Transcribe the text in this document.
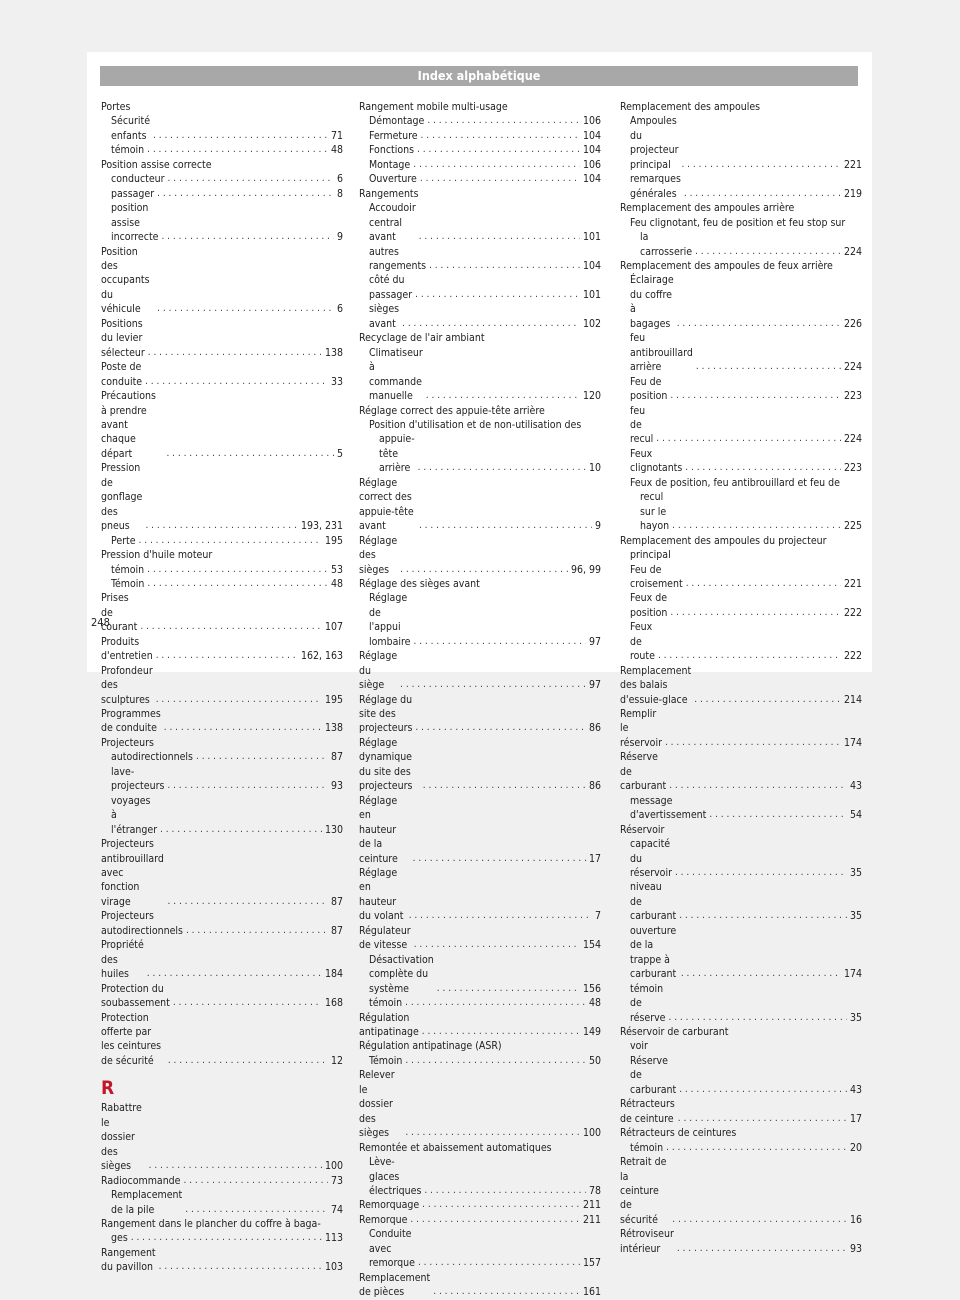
Index alphabétique
Portes
Sécurité enfants . . .	71
témoin . . .	48
Position assise correcte
conducteur . . .	6
passager . . .	8
position assise incorrecte . . .	9
Position des occupants du véhicule . . .	6
Positions du levier sélecteur . . .	138
Poste de conduite . . .	33
Précautions à prendre avant chaque départ . . .	5
Pression de gonflage des pneus . . .	193, 231
Perte . . .	195
Pression d'huile moteur
témoin . . .	53
Témoin . . .	48
Prises de courant . . .	107
Produits d'entretien . . .	162, 163
Profondeur des sculptures . . .	195
Programmes de conduite . . .	138
Projecteurs
autodirectionnels . . .	87
lave-projecteurs . . .	93
voyages à l'étranger . . .	130
Projecteurs antibrouillard avec fonction virage . . .	87
Projecteurs autodirectionnels . . .	87
Propriété des huiles . . .	184
Protection du soubassement . . .	168
Protection offerte par les ceintures de sécurité . . .	12
R
Rabattre le dossier des sièges . . .	100
Radiocommande . . .	73
Remplacement de la pile . . .	74
Rangement dans le plancher du coffre à baga-
ges . . .	113
Rangement du pavillon . . .	103
Rangement mobile multi-usage
Démontage . . .	106
Fermeture . . .	104
Fonctions . . .	104
Montage . . .	106
Ouverture . . .	104
Rangements
Accoudoir central avant . . .	101
autres rangements . . .	104
côté du passager . . .	101
sièges avant . . .	102
Recyclage de l'air ambiant
Climatiseur à commande manuelle . . .	120
Réglage correct des appuie-tête arrière
Position d'utilisation et de non-utilisation des
appuie-tête arrière . . .	10
Réglage correct des appuie-tête avant . . .	9
Réglage des sièges . . .	96, 99
Réglage des sièges avant
Réglage de l'appui lombaire . . .	97
Réglage du siège . . .	97
Réglage du site des projecteurs . . .	86
Réglage dynamique du site des projecteurs . . .	86
Réglage en hauteur de la ceinture . . .	17
Réglage en hauteur du volant . . .	7
Régulateur de vitesse . . .	154
Désactivation complète du système . . .	156
témoin . . .	48
Régulation antipatinage . . .	149
Régulation antipatinage (ASR)
Témoin . . .	50
Relever le dossier des sièges . . .	100
Remontée et abaissement automatiques
Lève-glaces électriques . . .	78
Remorquage . . .	211
Remorque . . .	211
Conduite avec remorque . . .	157
Remplacement de pièces . . .	161
Remplacement des ampoules
Ampoules du projecteur principal . . .	221
remarques générales . . .	219
Remplacement des ampoules arrière
Feu clignotant, feu de position et feu stop sur
la carrosserie . . .	224
Remplacement des ampoules de feux arrière
Éclairage du coffre à bagages . . .	226
feu antibrouillard arrière . . .	224
Feu de position . . .	223
feu de recul . . .	224
Feux clignotants . . .	223
Feux de position, feu antibrouillard et feu de
recul sur le hayon . . .	225
Remplacement des ampoules du projecteur
principal
Feu de croisement . . .	221
Feux de position . . .	222
Feux de route . . .	222
Remplacement des balais d'essuie-glace . . .	214
Remplir le réservoir . . .	174
Réserve de carburant . . .	43
message d'avertissement . . .	54
Réservoir
capacité du réservoir . . .	35
niveau de carburant . . .	35
ouverture de la trappe à carburant . . .	174
témoin de réserve . . .	35
Réservoir de carburant
voir Réserve de carburant . . .	43
Rétracteurs de ceinture . . .	17
Rétracteurs de ceintures
témoin . . .	20
Retrait de la ceinture de sécurité . . .	16
Rétroviseur intérieur . . .	93
248
